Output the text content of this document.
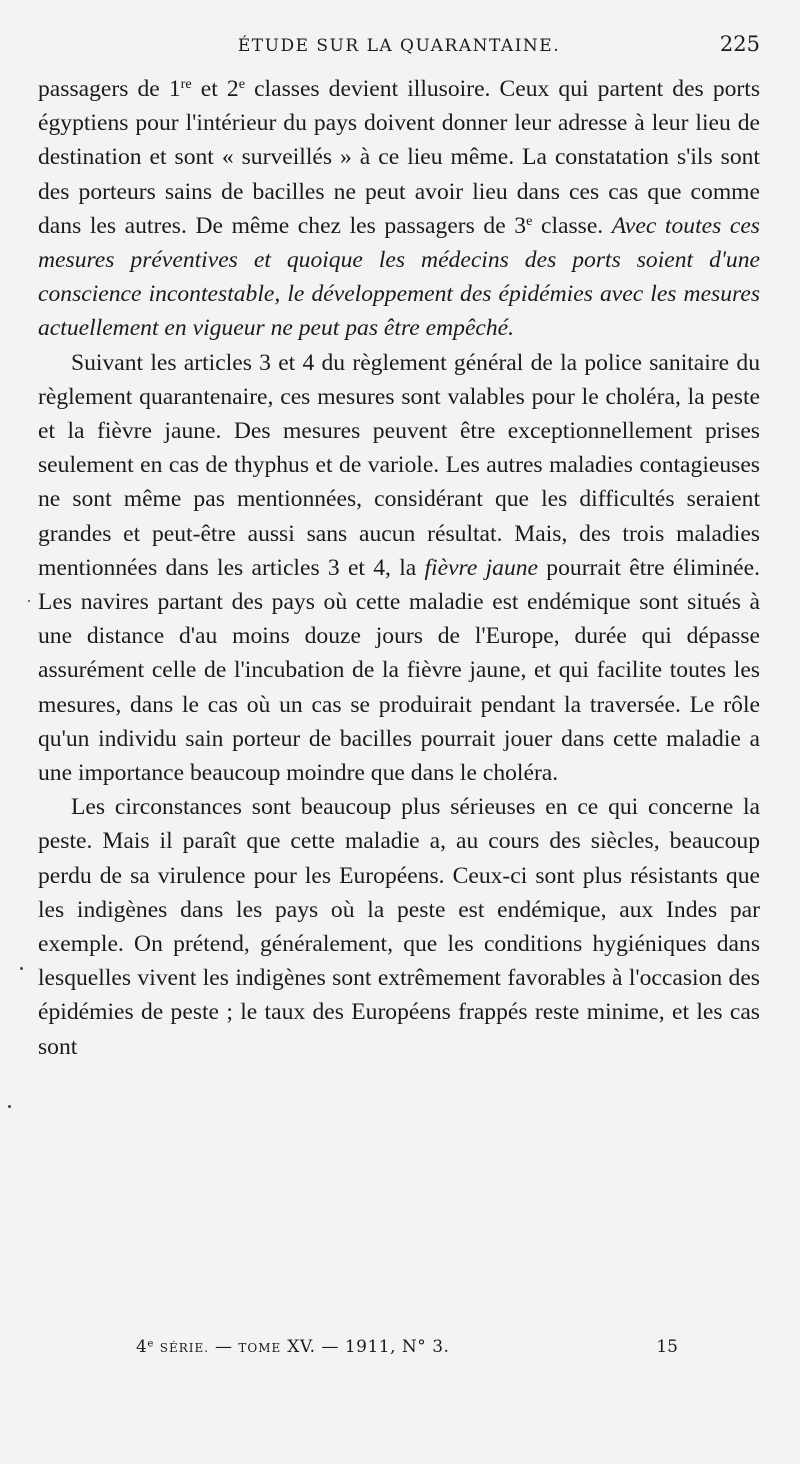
ÉTUDE SUR LA QUARANTAINE.	225

passagers de 1re et 2e classes devient illusoire. Ceux qui partent des ports égyptiens pour l'intérieur du pays doivent donner leur adresse à leur lieu de destination et sont « surveillés » à ce lieu même. La constatation s'ils sont des porteurs sains de bacilles ne peut avoir lieu dans ces cas que comme dans les autres. De même chez les passagers de 3e classe. Avec toutes ces mesures préventives et quoique les médecins des ports soient d'une conscience incontestable, le développement des épidémies avec les mesures actuellement en vigueur ne peut pas être empêché.

Suivant les articles 3 et 4 du règlement général de la police sanitaire du règlement quarantenaire, ces mesures sont valables pour le choléra, la peste et la fièvre jaune. Des mesures peuvent être exceptionnellement prises seulement en cas de thyphus et de variole. Les autres maladies contagieuses ne sont même pas mentionnées, considérant que les difficultés seraient grandes et peut-être aussi sans aucun résultat. Mais, des trois maladies mentionnées dans les articles 3 et 4, la fièvre jaune pourrait être éliminée. Les navires partant des pays où cette maladie est endémique sont situés à une distance d'au moins douze jours de l'Europe, durée qui dépasse assurément celle de l'incubation de la fièvre jaune, et qui facilite toutes les mesures, dans le cas où un cas se produirait pendant la traversée. Le rôle qu'un individu sain porteur de bacilles pourrait jouer dans cette maladie a une importance beaucoup moindre que dans le choléra.

Les circonstances sont beaucoup plus sérieuses en ce qui concerne la peste. Mais il paraît que cette maladie a, au cours des siècles, beaucoup perdu de sa virulence pour les Européens. Ceux-ci sont plus résistants que les indigènes dans les pays où la peste est endémique, aux Indes par exemple. On prétend, généralement, que les conditions hygiéniques dans lesquelles vivent les indigènes sont extrêmement favorables à l'occasion des épidémies de peste ; le taux des Européens frappés reste minime, et les cas sont

4e SÉRIE. — TOME XV. — 1911, N° 3.	15
